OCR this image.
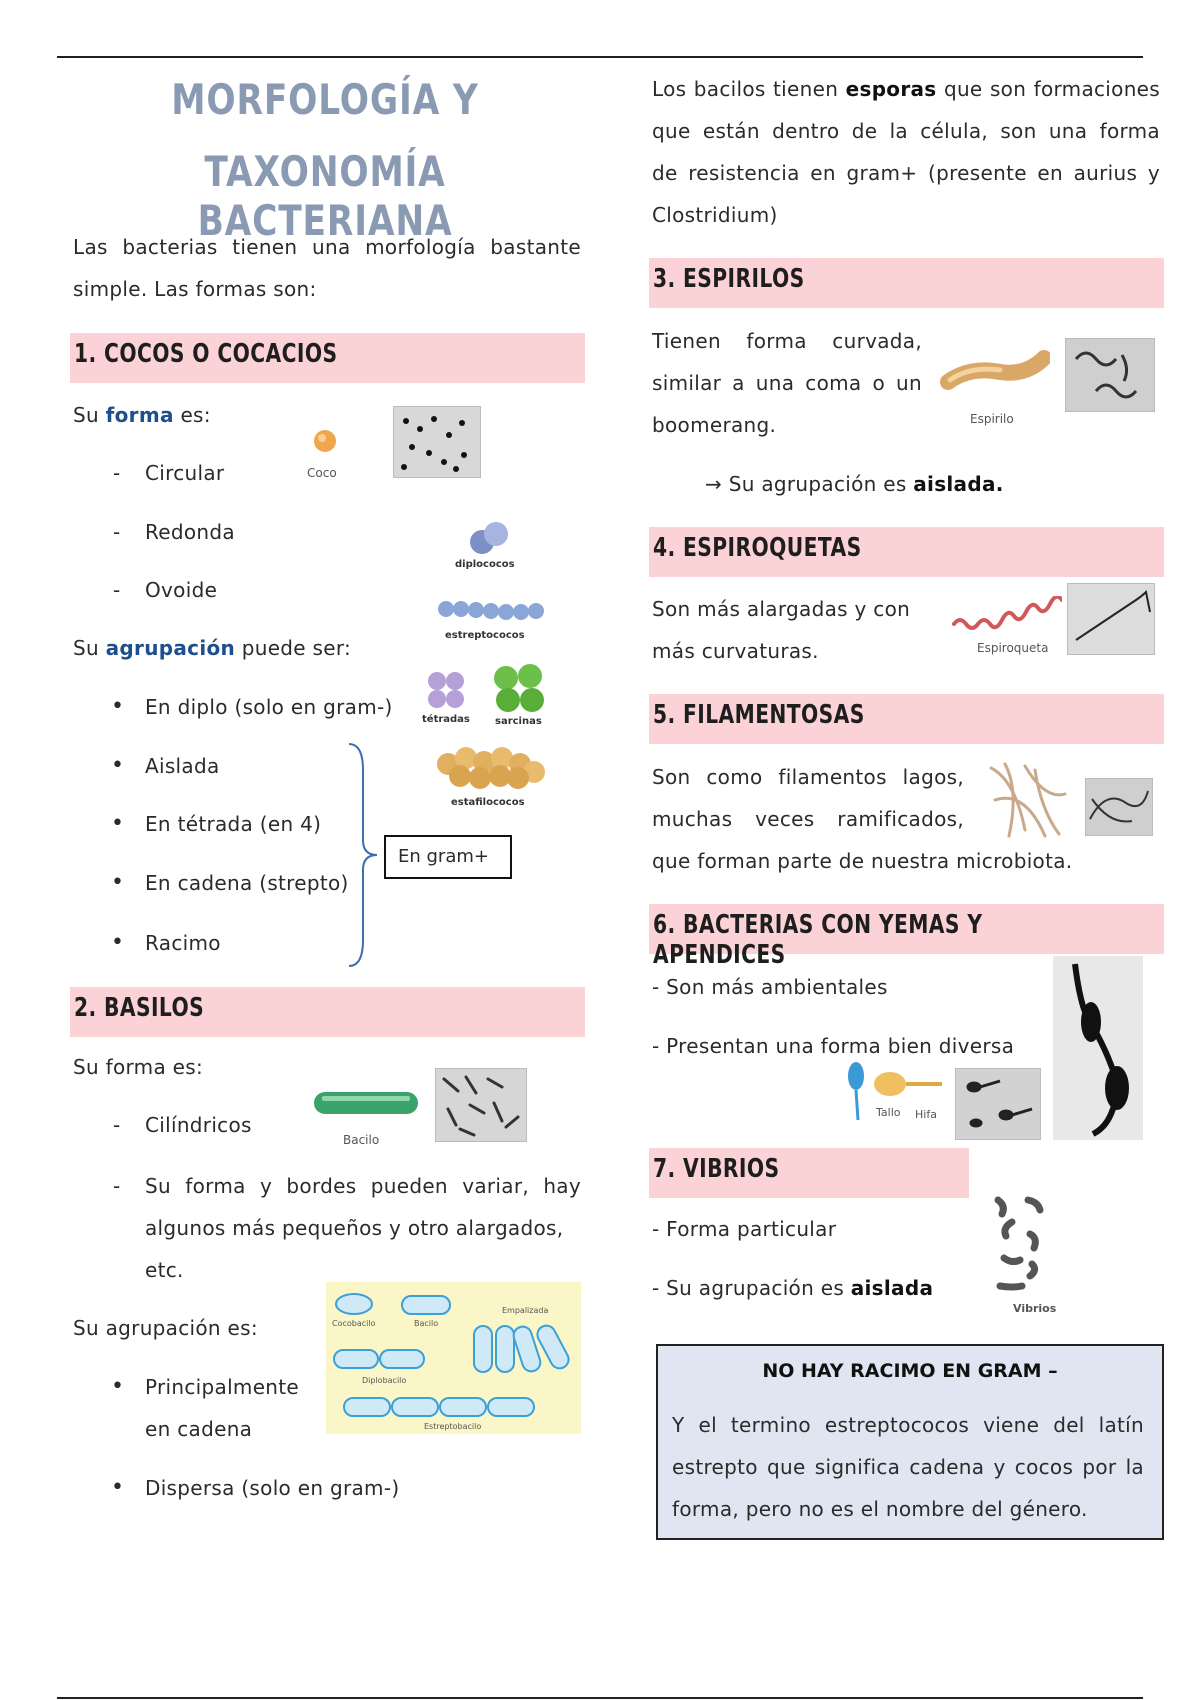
MORFOLOGÍA Y
TAXONOMÍA BACTERIANA
Las bacterias tienen una morfología bastante
simple. Las formas son:
1. COCOS O COCACIOS
Su forma es:
- Circular
- Redonda
- Ovoide
Su agrupación puede ser:
• En diplo (solo en gram-)
• Aislada
• En tétrada (en 4)
• En cadena (strepto)
• Racimo
En gram+
Coco
diplococos
estreptococos
tétradas	sarcinas
estafilococos
2. BASILOS
Su forma es:
- Cilíndricos
Bacilo
- Su forma y bordes pueden variar, hay
algunos más pequeños y otro alargados,
etc.
Su agrupación es:
• Principalmente
en cadena
• Dispersa (solo en gram-)
Cocobacilo	Bacilo
Empalizada
Diplobacilo
Estreptobacilo
Los bacilos tienen esporas que son formaciones
que están dentro de la célula, son una forma
de resistencia en gram+ (presente en aurius y
Clostridium)
3. ESPIRILOS
Tienen forma curvada,
similar a una coma o un
boomerang.	Espirilo
→ Su agrupación es aislada.
4. ESPIROQUETAS
Son más alargadas y con
más curvaturas.	Espiroqueta
5. FILAMENTOSAS
Son como filamentos lagos,
muchas veces ramificados,
que forman parte de nuestra microbiota.
6. BACTERIAS CON YEMAS Y APENDICES
- Son más ambientales
- Presentan una forma bien diversa
Tallo Hifa
7. VIBRIOS
- Forma particular
- Su agrupación es aislada
Vibrios
NO HAY RACIMO EN GRAM –
Y el termino estreptococos viene del latín
estrepto que significa cadena y cocos por la
forma, pero no es el nombre del género.
